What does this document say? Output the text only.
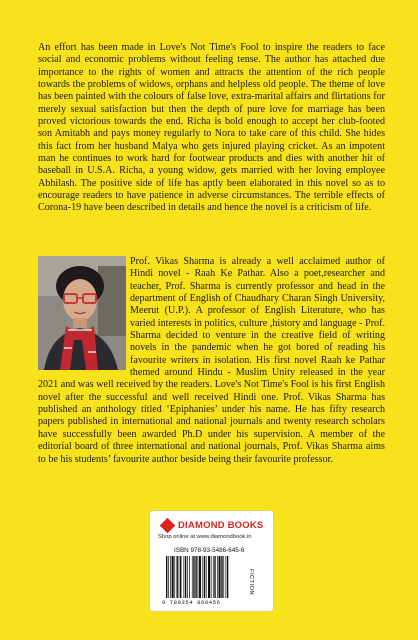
An effort has been made in Love's Not Time's Fool to inspire the readers to face social and economic problems without feeling tense. The author has attached due importance to the rights of women and attracts the attention of the rich people towards the problems of widows, orphans and helpless old people. The theme of love has been painted with the colours of false love, extra-marital affairs and flirtations for merely sexual satisfaction but then the depth of pure love for marriage has been proved victorious towards the end. Richa is bold enough to accept her club-footed son Amitabh and pays money regularly to Nora to take care of this child. She hides this fact from her husband Malya who gets injured playing cricket. As an impotent man he continues to work hard for footwear products and dies with another hit of baseball in U.S.A. Richa, a young widow, gets married with her loving employee Abhilash. The positive side of life has aptly been elaborated in this novel so as to encourage readers to have patience in adverse circumstances. The terrible effects of Corona-19 have been described in details and hence the novel is a criticism of life.

Prof. Vikas Sharma is already a well acclaimed author of Hindi novel - Raah Ke Pathar. Also a poet,researcher and teacher, Prof. Sharma is currently professor and head in the department of English of Chaudhary Charan Singh University, Meerut (U.P.). A professor of English Literature, who has varied interests in politics, culture ,history and language - Prof. Sharma decided to venture in the creative field of writing novels in the pandemic when he got bored of reading his favourite writers in isolation. His first novel Raah ke Pathar themed around Hindu - Muslim Unity released in the year 2021 and was well received by the readers. Love's Not Time's Fool is his first English novel after the successful and well received Hindi one. Prof. Vikas Sharma has published an anthology titled ‘Epiphanies’ under his name. He has fifty research papers published in international and national journals and twenty research scholars have successfully been awarded Ph.D under his supervision. A member of the editorial board of three international and national journals, Prof. Vikas Sharma aims to be his students’ favourite author beside being their favourite professor.

DIAMOND BOOKS
Shop online at www.diamondbook.in
ISBN 978-93-5486-645-6
9 789354 866456
FICTION
